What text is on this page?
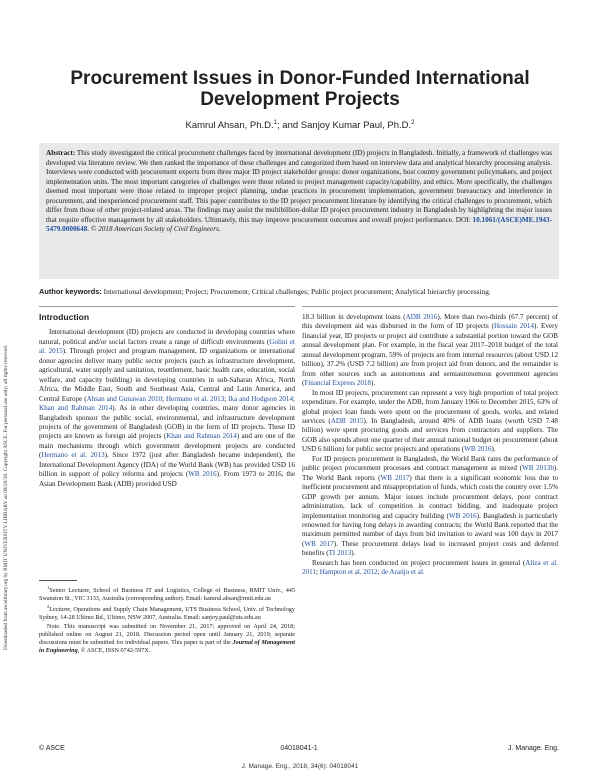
Downloaded from ascelibrary.org by RMIT UNIVERSITY LIBRARY on 08/29/18. Copyright ASCE. For personal use only; all rights reserved.
Procurement Issues in Donor-Funded International Development Projects
Kamrul Ahsan, Ph.D.$^1$; and Sanjoy Kumar Paul, Ph.D.$^2$
Abstract: This study investigated the critical procurement challenges faced by international development (ID) projects in Bangladesh. Initially, a framework of challenges was developed via literature review. We then ranked the importance of these challenges and categorized them based on interview data and analytical hierarchy processing analysis. Interviews were conducted with procurement experts from three major ID project stakeholder groups: donor organizations, host country government policymakers, and project implementation units. The most important categories of challenges were those related to project management capacity/capability, and ethics. More specifically, the challenges deemed most important were those related to improper project planning, undue practices in procurement implementation, government bureaucracy and interference in procurement, and inexperienced procurement staff. This paper contributes to the ID project procurement literature by identifying the critical challenges to procurement, which differ from those of other project-related areas. The findings may assist the multibillion-dollar ID project procurement industry in Bangladesh by highlighting the major issues that require effective management by all stakeholders. Ultimately, this may improve procurement outcomes and overall project performance. DOI: 10.1061/(ASCE)ME.1943-5479.0000648. © 2018 American Society of Civil Engineers.
Author keywords: International development; Project; Procurement; Critical challenges; Public project procurement; Analytical hierarchy processing.
Introduction

International development (ID) projects are conducted in developing countries where natural, political and/or social factors create a range of difficult environments (Golini et al. 2015). Through project and program management, ID organizations or international donor agencies deliver many public sector projects (such as infrastructure development, agricultural, water supply and sanitation, resettlement, basic health care, education, social welfare, and capacity building) in developing countries in sub-Saharan Africa, North Africa, the Middle East, South and Southeast Asia, Central and Latin America, and Central Europe (Ahsan and Gunawan 2010; Hermano et al. 2013; Ika and Hodgson 2014; Khan and Rahman 2014). As in other developing countries, many donor agencies in Bangladesh sponsor the public social, environmental, and infrastructure development projects of the government of Bangladesh (GOB) in the form of ID projects. These ID projects are known as foreign aid projects (Khan and Rahman 2014) and are one of the main mechanisms through which government development projects are conducted (Hermano et al. 2013). Since 1972 (just after Bangladesh became independent), the International Development Agency (IDA) of the World Bank (WB) has provided USD 16 billion in support of policy reforms and projects (WB 2016). From 1973 to 2016, the Asian Development Bank (ADB) provided USD

18.3 billion in development loans (ADB 2016). More than two-thirds (67.7 percent) of this development aid was disbursed in the form of ID projects (Hossain 2014). Every financial year, ID projects or project aid contribute a substantial portion toward the GOB annual development plan. For example, in the fiscal year 2017–2018 budget of the total annual development program, 59% of projects are from internal resources (about USD 12 billion), 37.2% (USD 7.2 billion) are from project aid from donors, and the remainder is from other sources such as autonomous and semiautonomous government agencies (Financial Express 2018).

In most ID projects, procurement can represent a very high proportion of total project expenditure. For example, under the ADB, from January 1966 to December 2015, 63% of global project loan funds were spent on the procurement of goods, works, and related services (ADB 2015). In Bangladesh, around 40% of ADB loans (worth USD 7.48 billion) were spent procuring goods and services from contractors and suppliers. The GOB also spends about one quarter of their annual national budget on procurement (about USD 6 billion) for public sector projects and operations (WB 2016).

For ID projects procurement in Bangladesh, the World Bank rates the performance of public project procurement processes and contract management as mixed (WB 2013b). The World Bank reports (WB 2017) that there is a significant economic loss due to inefficient procurement and misappropriation of funds, which costs the country over 1.5% GDP growth per annum. Major issues include procurement delays, poor contract administration, lack of competition in contract bidding, and inadequate project implementation monitoring and capacity building (WB 2016). Bangladesh is particularly renowned for having long delays in awarding contracts; the World Bank reported that the maximum permitted number of days from bid invitation to award was 100 days in 2017 (WB 2017). These procurement delays lead to increased project costs and deferred benefits (TI 2013).

Research has been conducted on project procurement issues in general (Aliza et al. 2011; Hampton et al. 2012; de Araújo et al.

$^1$Senior Lecturer, School of Business IT and Logistics, College of Business, RMIT Univ., 445 Swanston St., VIC 3133, Australia (corresponding author). Email: kamrul.ahsan@rmit.edu.au

$^2$Lecturer, Operations and Supply Chain Management, UTS Business School, Univ. of Technology Sydney, 14-28 Ultimo Rd., Ultimo, NSW 2007, Australia. Email: sanjoy.paul@uts.edu.au

Note. This manuscript was submitted on November 21, 2017; approved on April 24, 2018; published online on August 21, 2018. Discussion period open until January 21, 2019; separate discussions must be submitted for individual papers. This paper is part of the Journal of Management in Engineering, © ASCE, ISSN 0742-597X.

© ASCE	04018041-1	J. Manage. Eng.
J. Manage. Eng., 2018, 34(6): 04018041
